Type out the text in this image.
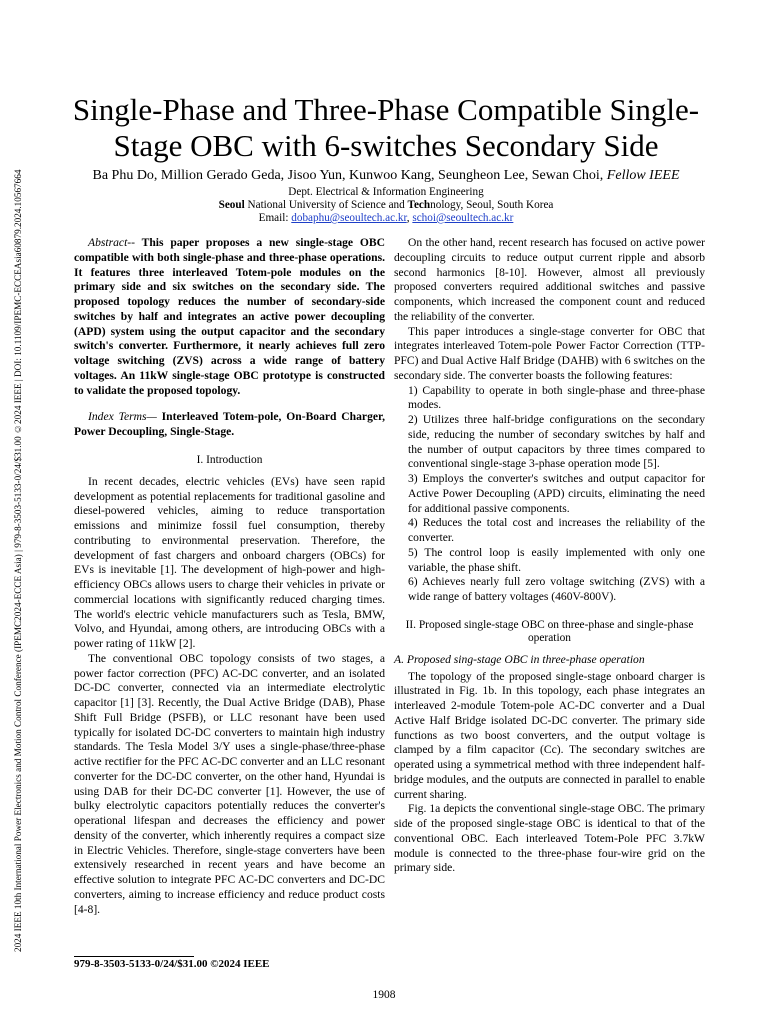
2024 IEEE 10th International Power Electronics and Motion Control Conference (IPEMC2024-ECCE Asia) | 979-8-3503-5133-0/24/$31.00 ©2024 IEEE | DOI: 10.1109/IPEMC-ECCEAsia60879.2024.10567664
Single-Phase and Three-Phase Compatible Single-Stage OBC with 6-switches Secondary Side
Ba Phu Do, Million Gerado Geda, Jisoo Yun, Kunwoo Kang, Seungheon Lee, Sewan Choi, Fellow IEEE
Dept. Electrical & Information Engineering
Seoul National University of Science and Technology, Seoul, South Korea
Email: dobaphu@seoultech.ac.kr, schoi@seoultech.ac.kr

Abstract-- This paper proposes a new single-stage OBC compatible with both single-phase and three-phase operations. It features three interleaved Totem-pole modules on the primary side and six switches on the secondary side. The proposed topology reduces the number of secondary-side switches by half and integrates an active power decoupling (APD) system using the output capacitor and the secondary switch's converter. Furthermore, it nearly achieves full zero voltage switching (ZVS) across a wide range of battery voltages. An 11kW single-stage OBC prototype is constructed to validate the proposed topology.

Index Terms— Interleaved Totem-pole, On-Board Charger, Power Decoupling, Single-Stage.

I. Introduction

In recent decades, electric vehicles (EVs) have seen rapid development as potential replacements for traditional gasoline and diesel-powered vehicles, aiming to reduce transportation emissions and minimize fossil fuel consumption, thereby contributing to environmental preservation. Therefore, the development of fast chargers and onboard chargers (OBCs) for EVs is inevitable [1]. The development of high-power and high-efficiency OBCs allows users to charge their vehicles in private or commercial locations with significantly reduced charging times. The world's electric vehicle manufacturers such as Tesla, BMW, Volvo, and Hyundai, among others, are introducing OBCs with a power rating of 11kW [2].

The conventional OBC topology consists of two stages, a power factor correction (PFC) AC-DC converter, and an isolated DC-DC converter, connected via an intermediate electrolytic capacitor [1] [3]. Recently, the Dual Active Bridge (DAB), Phase Shift Full Bridge (PSFB), or LLC resonant have been used typically for isolated DC-DC converters to maintain high industry standards. The Tesla Model 3/Y uses a single-phase/three-phase active rectifier for the PFC AC-DC converter and an LLC resonant converter for the DC-DC converter, on the other hand, Hyundai is using DAB for their DC-DC converter [1]. However, the use of bulky electrolytic capacitors potentially reduces the converter's operational lifespan and decreases the efficiency and power density of the converter, which inherently requires a compact size in Electric Vehicles. Therefore, single-stage converters have been extensively researched in recent years and have become an effective solution to integrate PFC AC-DC converters and DC-DC converters, aiming to increase efficiency and reduce product costs [4-8].

On the other hand, recent research has focused on active power decoupling circuits to reduce output current ripple and absorb second harmonics [8-10]. However, almost all previously proposed converters required additional switches and passive components, which increased the component count and reduced the reliability of the converter.

This paper introduces a single-stage converter for OBC that integrates interleaved Totem-pole Power Factor Correction (TTP-PFC) and Dual Active Half Bridge (DAHB) with 6 switches on the secondary side. The converter boasts the following features:

1) Capability to operate in both single-phase and three-phase modes.
2) Utilizes three half-bridge configurations on the secondary side, reducing the number of secondary switches by half and the number of output capacitors by three times compared to conventional single-stage 3-phase operation mode [5].
3) Employs the converter's switches and output capacitor for Active Power Decoupling (APD) circuits, eliminating the need for additional passive components.
4) Reduces the total cost and increases the reliability of the converter.
5) The control loop is easily implemented with only one variable, the phase shift.
6) Achieves nearly full zero voltage switching (ZVS) with a wide range of battery voltages (460V-800V).
II. Proposed single-stage OBC on three-phase and single-phase operation
A. Proposed sing-stage OBC in three-phase operation

The topology of the proposed single-stage onboard charger is illustrated in Fig. 1b. In this topology, each phase integrates an interleaved 2-module Totem-pole AC-DC converter and a Dual Active Half Bridge isolated DC-DC converter. The primary side functions as two boost converters, and the output voltage is clamped by a film capacitor (Cc). The secondary switches are operated using a symmetrical method with three independent half-bridge modules, and the outputs are connected in parallel to enable current sharing.

Fig. 1a depicts the conventional single-stage OBC. The primary side of the proposed single-stage OBC is identical to that of the conventional OBC. Each interleaved Totem-Pole PFC 3.7kW module is connected to the three-phase four-wire grid on the primary side.

979-8-3503-5133-0/24/$31.00 ©2024 IEEE
1908
